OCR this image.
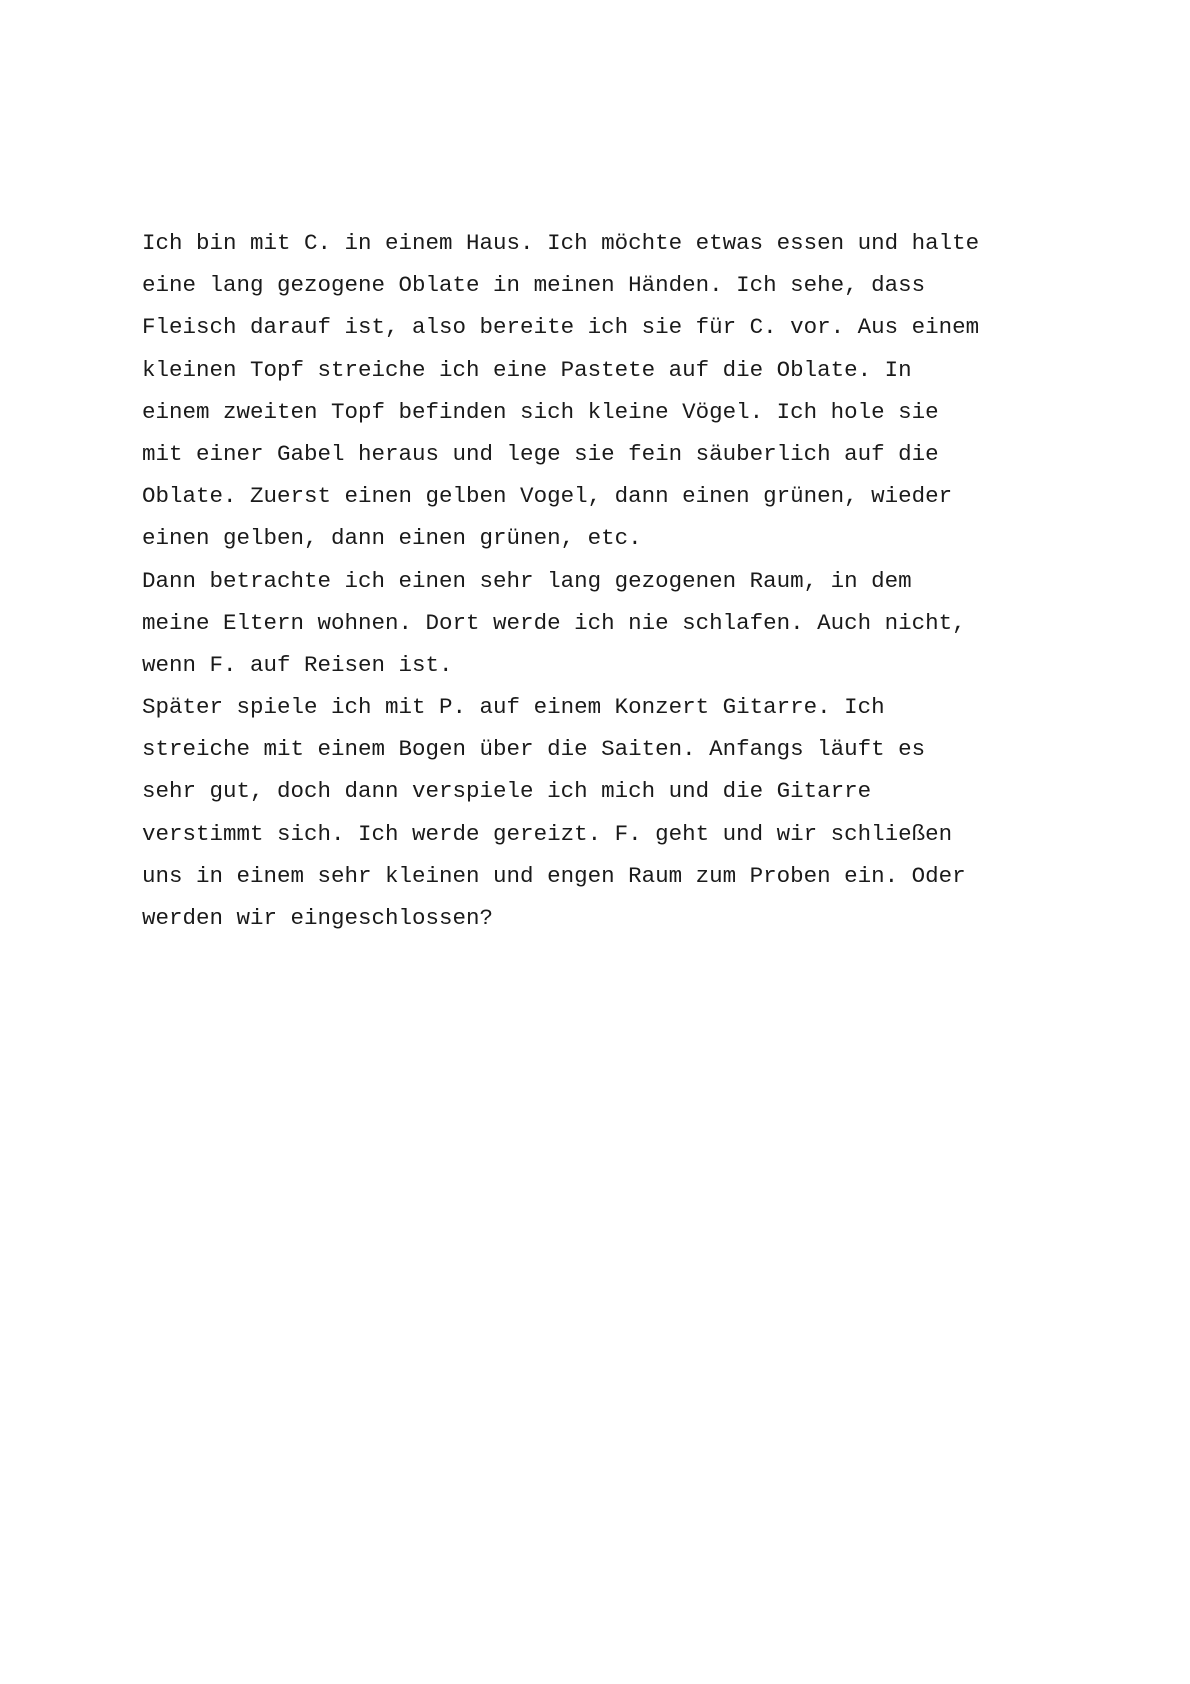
Ich bin mit C. in einem Haus. Ich möchte etwas essen und halte
eine lang gezogene Oblate in meinen Händen. Ich sehe, dass
Fleisch darauf ist, also bereite ich sie für C. vor. Aus einem
kleinen Topf streiche ich eine Pastete auf die Oblate. In
einem zweiten Topf befinden sich kleine Vögel. Ich hole sie
mit einer Gabel heraus und lege sie fein säuberlich auf die
Oblate. Zuerst einen gelben Vogel, dann einen grünen, wieder
einen gelben, dann einen grünen, etc.
Dann betrachte ich einen sehr lang gezogenen Raum, in dem
meine Eltern wohnen. Dort werde ich nie schlafen. Auch nicht,
wenn F. auf Reisen ist.
Später spiele ich mit P. auf einem Konzert Gitarre. Ich
streiche mit einem Bogen über die Saiten. Anfangs läuft es
sehr gut, doch dann verspiele ich mich und die Gitarre
verstimmt sich. Ich werde gereizt. F. geht und wir schließen
uns in einem sehr kleinen und engen Raum zum Proben ein. Oder
werden wir eingeschlossen?
